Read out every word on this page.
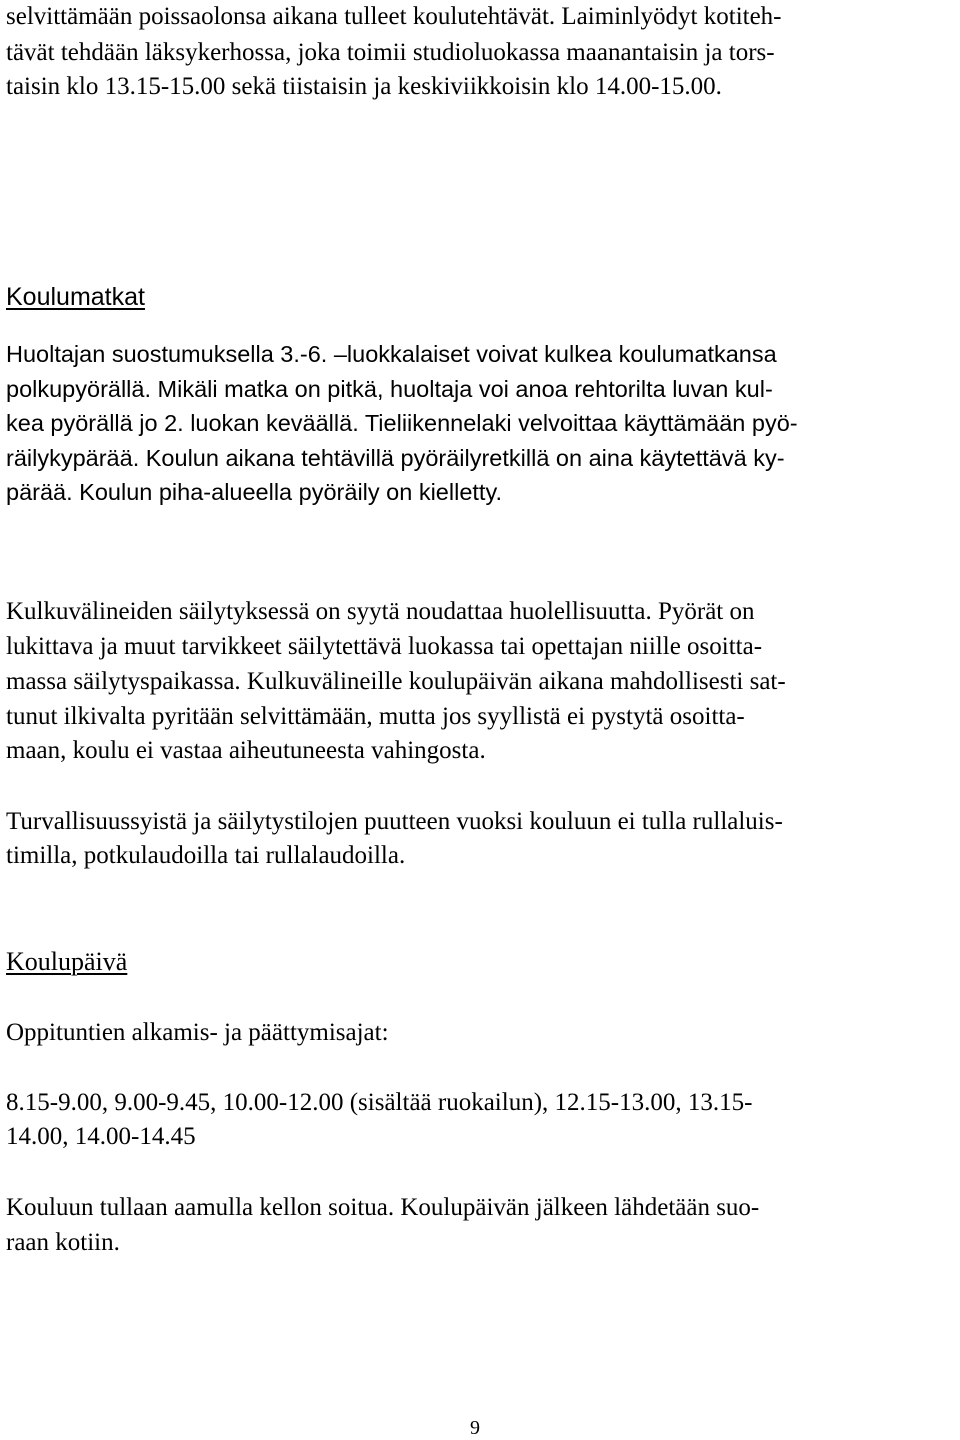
selvittämään poissaolonsa aikana tulleet koulutehtävät. Laiminlyödyt kotiteh-
tävät tehdään läksykerhossa, joka toimii studioluokassa maanantaisin ja tors-
taisin klo 13.15-15.00 sekä tiistaisin ja keskiviikkoisin klo 14.00-15.00.
Koulumatkat
Huoltajan suostumuksella 3.-6. –luokkalaiset voivat kulkea koulumatkansa
polkupyörällä. Mikäli matka on pitkä, huoltaja voi anoa rehtorilta luvan kul-
kea pyörällä jo 2. luokan keväällä. Tieliikennelaki velvoittaa käyttämään pyö-
räilykypärää. Koulun aikana tehtävillä pyöräilyretkillä on aina käytettävä ky-
pärää. Koulun piha-alueella pyöräily on kielletty.
Kulkuvälineiden säilytyksessä on syytä noudattaa huolellisuutta. Pyörät on
lukittava ja muut tarvikkeet säilytettävä luokassa tai opettajan niille osoitta-
massa säilytyspaikassa. Kulkuvälineille koulupäivän aikana mahdollisesti sat-
tunut ilkivalta pyritään selvittämään, mutta jos syyllistä ei pystytä osoitta-
maan, koulu ei vastaa aiheutuneesta vahingosta.
Turvallisuussyistä ja säilytystilojen puutteen vuoksi kouluun ei tulla rullaluis-
timilla, potkulaudoilla tai rullalaudoilla.
Koulupäivä
Oppituntien alkamis- ja päättymisajat:
8.15-9.00, 9.00-9.45, 10.00-12.00 (sisältää ruokailun), 12.15-13.00, 13.15-
14.00, 14.00-14.45
Kouluun tullaan aamulla kellon soitua. Koulupäivän jälkeen lähdetään suo-
raan kotiin.
9
